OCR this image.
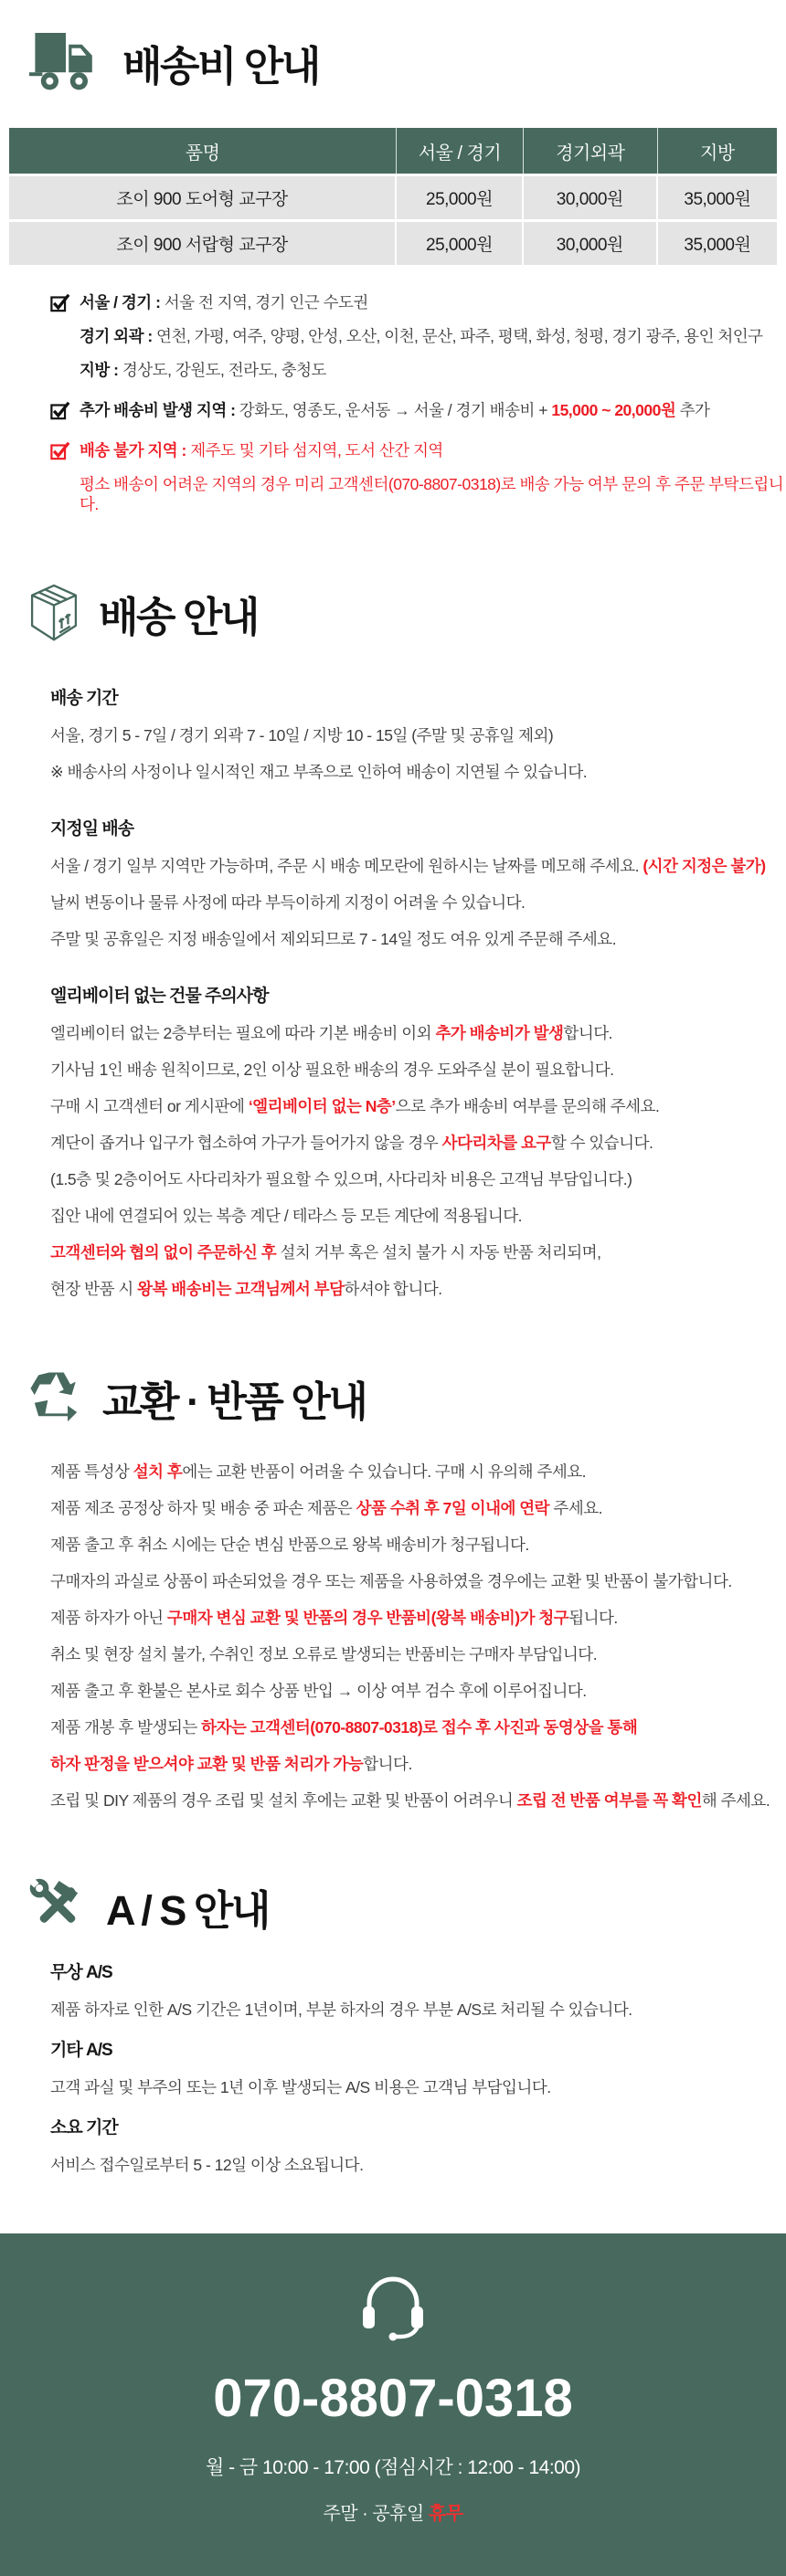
배송비 안내
품명	서울 / 경기	경기외곽	지방
조이 900 도어형 교구장	25,000원	30,000원	35,000원
조이 900 서랍형 교구장	25,000원	30,000원	35,000원
서울 / 경기 : 서울 전 지역, 경기 인근 수도권
경기 외곽 : 연천, 가평, 여주, 양평, 안성, 오산, 이천, 문산, 파주, 평택, 화성, 청평, 경기 광주, 용인 처인구
지방 : 경상도, 강원도, 전라도, 충청도
추가 배송비 발생 지역 : 강화도, 영종도, 운서동 → 서울 / 경기 배송비 + 15,000 ~ 20,000원 추가
배송 불가 지역 : 제주도 및 기타 섬지역, 도서 산간 지역
평소 배송이 어려운 지역의 경우 미리 고객센터(070-8807-0318)로 배송 가능 여부 문의 후 주문 부탁드립니다.
배송 안내
배송 기간
서울, 경기 5 - 7일 / 경기 외곽 7 - 10일 / 지방 10 - 15일 (주말 및 공휴일 제외)
※ 배송사의 사정이나 일시적인 재고 부족으로 인하여 배송이 지연될 수 있습니다.
지정일 배송
서울 / 경기 일부 지역만 가능하며, 주문 시 배송 메모란에 원하시는 날짜를 메모해 주세요. (시간 지정은 불가)
날씨 변동이나 물류 사정에 따라 부득이하게 지정이 어려울 수 있습니다.
주말 및 공휴일은 지정 배송일에서 제외되므로 7 - 14일 정도 여유 있게 주문해 주세요.
엘리베이터 없는 건물 주의사항
엘리베이터 없는 2층부터는 필요에 따라 기본 배송비 이외 추가 배송비가 발생합니다.
기사님 1인 배송 원칙이므로, 2인 이상 필요한 배송의 경우 도와주실 분이 필요합니다.
구매 시 고객센터 or 게시판에 ‘엘리베이터 없는 N층’으로 추가 배송비 여부를 문의해 주세요.
계단이 좁거나 입구가 협소하여 가구가 들어가지 않을 경우 사다리차를 요구할 수 있습니다.
(1.5층 및 2층이어도 사다리차가 필요할 수 있으며, 사다리차 비용은 고객님 부담입니다.)
집안 내에 연결되어 있는 복층 계단 / 테라스 등 모든 계단에 적용됩니다.
고객센터와 협의 없이 주문하신 후 설치 거부 혹은 설치 불가 시 자동 반품 처리되며,
현장 반품 시 왕복 배송비는 고객님께서 부담하셔야 합니다.
교환 · 반품 안내
제품 특성상 설치 후에는 교환 반품이 어려울 수 있습니다. 구매 시 유의해 주세요.
제품 제조 공정상 하자 및 배송 중 파손 제품은 상품 수취 후 7일 이내에 연락 주세요.
제품 출고 후 취소 시에는 단순 변심 반품으로 왕복 배송비가 청구됩니다.
구매자의 과실로 상품이 파손되었을 경우 또는 제품을 사용하였을 경우에는 교환 및 반품이 불가합니다.
제품 하자가 아닌 구매자 변심 교환 및 반품의 경우 반품비(왕복 배송비)가 청구됩니다.
취소 및 현장 설치 불가, 수취인 정보 오류로 발생되는 반품비는 구매자 부담입니다.
제품 출고 후 환불은 본사로 회수 상품 반입 → 이상 여부 검수 후에 이루어집니다.
제품 개봉 후 발생되는 하자는 고객센터(070-8807-0318)로 접수 후 사진과 동영상을 통해
하자 판정을 받으셔야 교환 및 반품 처리가 가능합니다.
조립 및 DIY 제품의 경우 조립 및 설치 후에는 교환 및 반품이 어려우니 조립 전 반품 여부를 꼭 확인해 주세요.
A / S 안내
무상 A/S
제품 하자로 인한 A/S 기간은 1년이며, 부분 하자의 경우 부분 A/S로 처리될 수 있습니다.
기타 A/S
고객 과실 및 부주의 또는 1년 이후 발생되는 A/S 비용은 고객님 부담입니다.
소요 기간
서비스 접수일로부터 5 - 12일 이상 소요됩니다.
070-8807-0318
월 - 금 10:00 - 17:00 (점심시간 : 12:00 - 14:00)
주말 · 공휴일 휴무
